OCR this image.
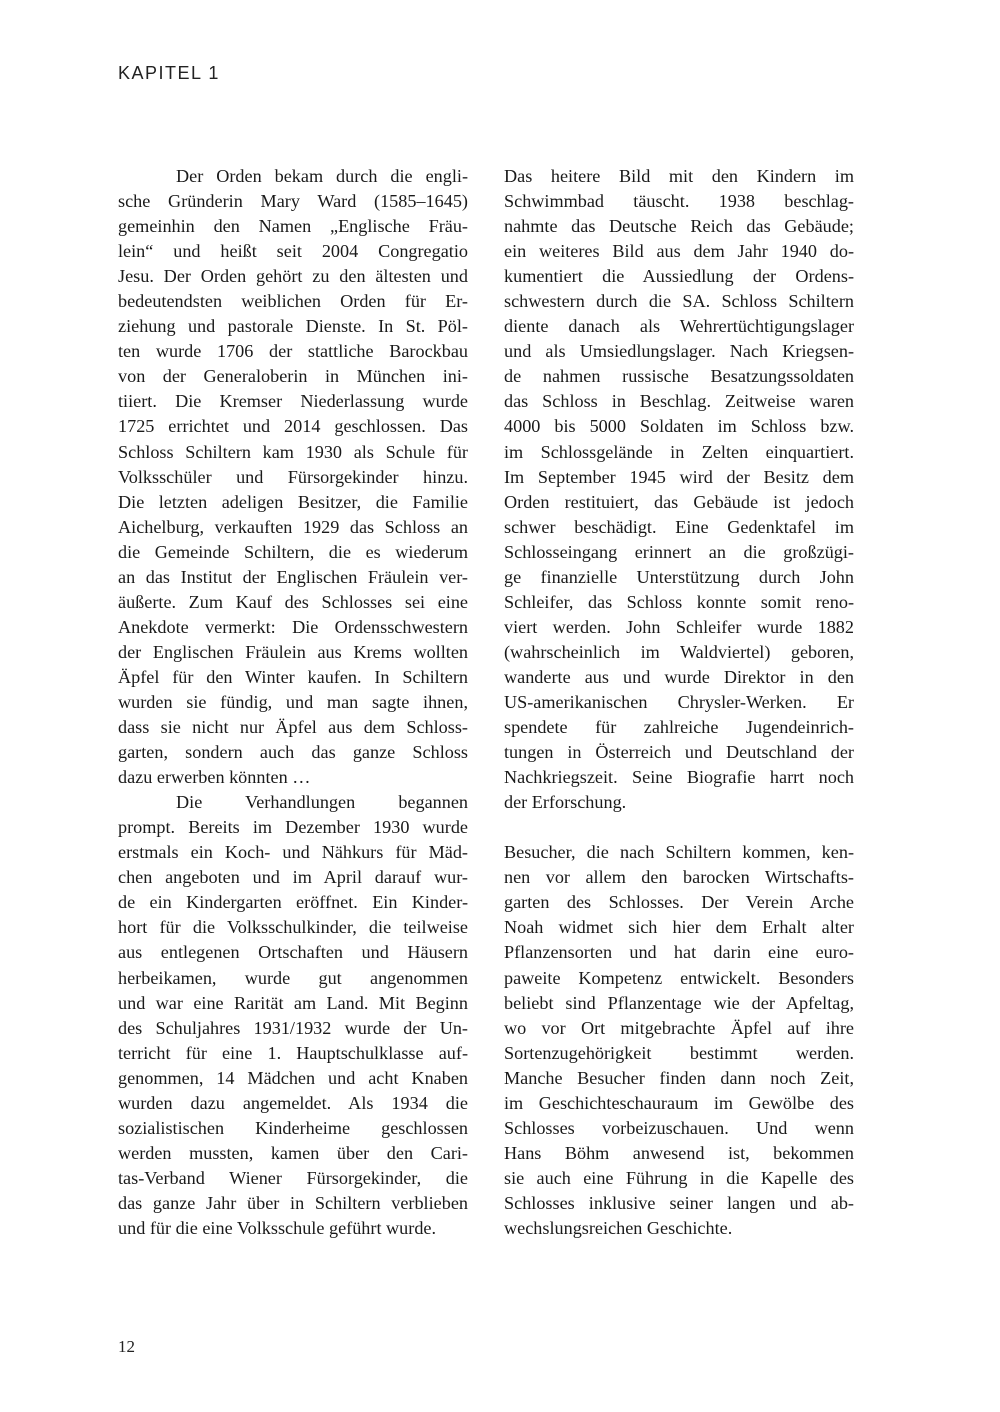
KAPITEL 1
Der Orden bekam durch die engli-
sche Gründerin Mary Ward (1585–1645)
gemeinhin den Namen „Englische Fräu-
lein“ und heißt seit 2004 Congregatio
Jesu. Der Orden gehört zu den ältesten und
bedeutendsten weiblichen Orden für Er-
ziehung und pastorale Dienste. In St. Pöl-
ten wurde 1706 der stattliche Barockbau
von der Generaloberin in München ini-
tiiert. Die Kremser Niederlassung wurde
1725 errichtet und 2014 geschlossen. Das
Schloss Schiltern kam 1930 als Schule für
Volksschüler und Fürsorgekinder hinzu.
Die letzten adeligen Besitzer, die Familie
Aichelburg, verkauften 1929 das Schloss an
die Gemeinde Schiltern, die es wiederum
an das Institut der Englischen Fräulein ver-
äußerte. Zum Kauf des Schlosses sei eine
Anekdote vermerkt: Die Ordensschwestern
der Englischen Fräulein aus Krems wollten
Äpfel für den Winter kaufen. In Schiltern
wurden sie fündig, und man sagte ihnen,
dass sie nicht nur Äpfel aus dem Schloss-
garten, sondern auch das ganze Schloss
dazu erwerben könnten …
Die Verhandlungen begannen
prompt. Bereits im Dezember 1930 wurde
erstmals ein Koch- und Nähkurs für Mäd-
chen angeboten und im April darauf wur-
de ein Kindergarten eröffnet. Ein Kinder-
hort für die Volksschulkinder, die teilweise
aus entlegenen Ortschaften und Häusern
herbeikamen, wurde gut angenommen
und war eine Rarität am Land. Mit Beginn
des Schuljahres 1931/1932 wurde der Un-
terricht für eine 1. Hauptschulklasse auf-
genommen, 14 Mädchen und acht Knaben
wurden dazu angemeldet. Als 1934 die
sozialistischen Kinderheime geschlossen
werden mussten, kamen über den Cari-
tas-Verband Wiener Fürsorgekinder, die
das ganze Jahr über in Schiltern verblieben
und für die eine Volksschule geführt wurde.
Das heitere Bild mit den Kindern im
Schwimmbad täuscht. 1938 beschlag-
nahmte das Deutsche Reich das Gebäude;
ein weiteres Bild aus dem Jahr 1940 do-
kumentiert die Aussiedlung der Ordens-
schwestern durch die SA. Schloss Schiltern
diente danach als Wehrertüchtigungslager
und als Umsiedlungslager. Nach Kriegsen-
de nahmen russische Besatzungssoldaten
das Schloss in Beschlag. Zeitweise waren
4000 bis 5000 Soldaten im Schloss bzw.
im Schlossgelände in Zelten einquartiert.
Im September 1945 wird der Besitz dem
Orden restituiert, das Gebäude ist jedoch
schwer beschädigt. Eine Gedenktafel im
Schlosseingang erinnert an die großzügi-
ge finanzielle Unterstützung durch John
Schleifer, das Schloss konnte somit reno-
viert werden. John Schleifer wurde 1882
(wahrscheinlich im Waldviertel) geboren,
wanderte aus und wurde Direktor in den
US-amerikanischen Chrysler-Werken. Er
spendete für zahlreiche Jugendeinrich-
tungen in Österreich und Deutschland der
Nachkriegszeit. Seine Biografie harrt noch
der Erforschung.
Besucher, die nach Schiltern kommen, ken-
nen vor allem den barocken Wirtschafts-
garten des Schlosses. Der Verein Arche
Noah widmet sich hier dem Erhalt alter
Pflanzensorten und hat darin eine euro-
paweite Kompetenz entwickelt. Besonders
beliebt sind Pflanzentage wie der Apfeltag,
wo vor Ort mitgebrachte Äpfel auf ihre
Sortenzugehörigkeit bestimmt werden.
Manche Besucher finden dann noch Zeit,
im Geschichteschauraum im Gewölbe des
Schlosses vorbeizuschauen. Und wenn
Hans Böhm anwesend ist, bekommen
sie auch eine Führung in die Kapelle des
Schlosses inklusive seiner langen und ab-
wechslungsreichen Geschichte.
12
